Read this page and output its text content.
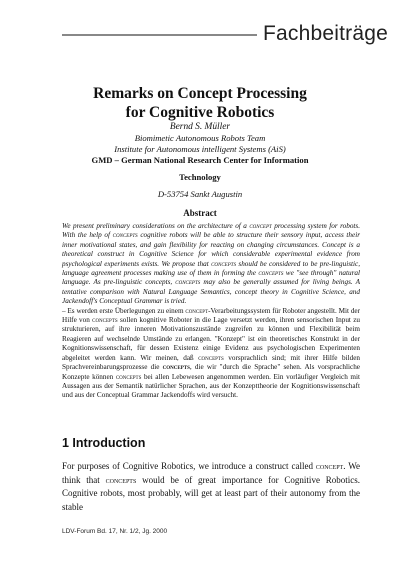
Fachbeiträge
Remarks on Concept Processing
for Cognitive Robotics
Bernd S. Müller
Biomimetic Autonomous Robots Team
Institute for Autonomous intelligent Systems (AiS)
GMD – German National Research Center for Information
Technology
D-53754 Sankt Augustin
Abstract
We present preliminary considerations on the architecture of a concept processing system for robots. With the help of concepts cognitive robots will be able to structure their sensory input, access their inner motivational states, and gain flexibility for reacting on changing circumstances. Concept is a theoretical construct in Cognitive Science for which considerable experimental evidence from psychological experiments exists. We propose that concepts should be considered to be pre-linguistic, language agreement processes making use of them in forming the concepts we "see through" natural language. As pre-linguistic concepts, concepts may also be generally assumed for living beings. A tentative comparison with Natural Language Semantics, concept theory in Cognitive Science, and Jackendoff's Conceptual Grammar is tried.
– Es werden erste Überlegungen zu einem concept-Verarbeitungssystem für Roboter angestellt. Mit der Hilfe von concepts sollen kognitive Roboter in die Lage versetzt werden, ihren sensorischen Input zu strukturieren, auf ihre inneren Motivationszustände zugreifen zu können und Flexibilität beim Reagieren auf wechselnde Umstände zu erlangen. "Konzept" ist ein theoretisches Konstrukt in der Kognitionswissenschaft, für dessen Existenz einige Evidenz aus psychologischen Experimenten abgeleitet werden kann. Wir meinen, daß concepts vorsprachlich sind; mit ihrer Hilfe bilden Sprachvereinbarungsprozesse die concepts, die wir "durch die Sprache" sehen. Als vorsprachliche Konzepte können concepts bei allen Lebewesen angenommen werden. Ein vorläufiger Vergleich mit Aussagen aus der Semantik natürlicher Sprachen, aus der Konzepttheorie der Kognitionswissenschaft und aus der Conceptual Grammar Jackendoffs wird versucht.
1 Introduction
For purposes of Cognitive Robotics, we introduce a construct called concept. We think that concepts would be of great importance for Cognitive Robotics. Cognitive robots, most probably, will get at least part of their autonomy from the stable
LDV-Forum Bd. 17, Nr. 1/2, Jg. 2000
